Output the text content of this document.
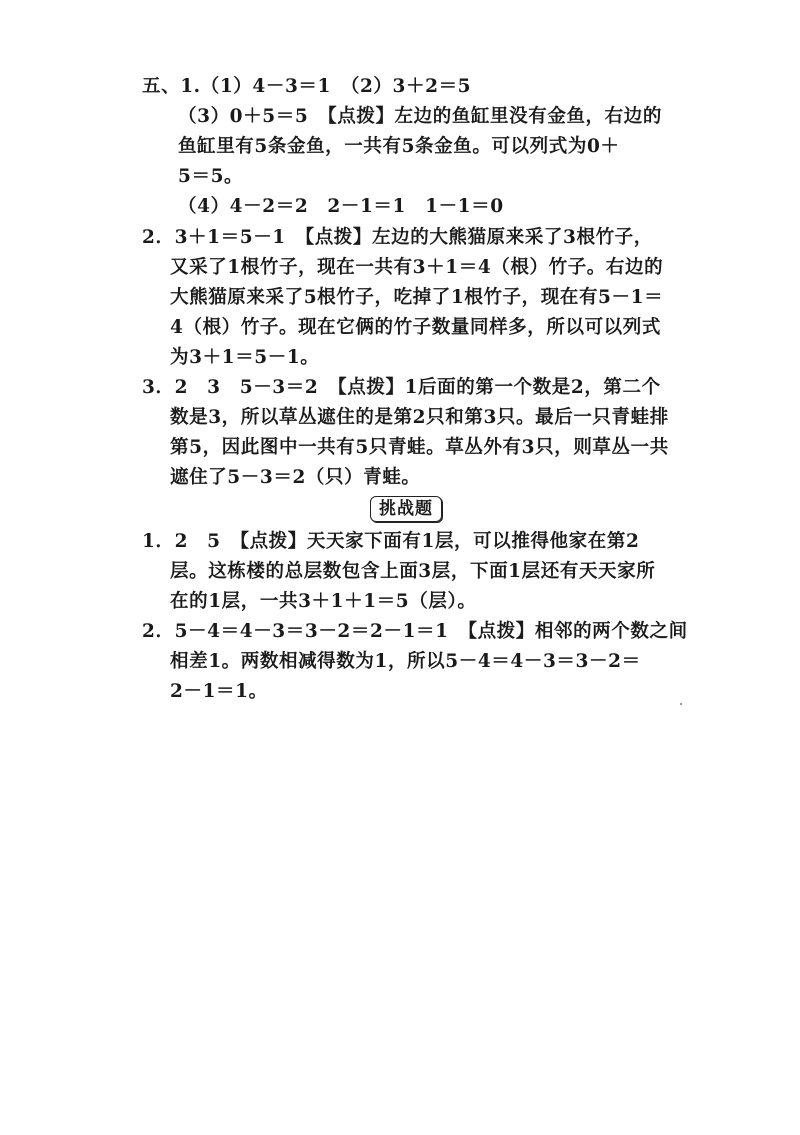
五、1.（1）4－3＝1　（2）3＋2＝5
（3）0＋5＝5　【点拨】左边的鱼缸里没有金鱼，右边的
鱼缸里有5条金鱼，一共有5条金鱼。可以列式为0＋
5＝5。
（4）4－2＝2　2－1＝1　1－1＝0
2．3＋1＝5－1　【点拨】左边的大熊猫原来采了3根竹子，
又采了1根竹子，现在一共有3＋1＝4（根）竹子。右边的
大熊猫原来采了5根竹子，吃掉了1根竹子，现在有5－1＝
4（根）竹子。现在它俩的竹子数量同样多，所以可以列式
为3＋1＝5－1。
3．2　3　5－3＝2　【点拨】1后面的第一个数是2，第二个
数是3，所以草丛遮住的是第2只和第3只。最后一只青蛙排
第5，因此图中一共有5只青蛙。草丛外有3只，则草丛一共
遮住了5－3＝2（只）青蛙。
挑战题
1．2　5　【点拨】天天家下面有1层，可以推得他家在第2
层。这栋楼的总层数包含上面3层，下面1层还有天天家所
在的1层，一共3＋1＋1＝5（层）。
2．5－4＝4－3＝3－2＝2－1＝1　【点拨】相邻的两个数之间
相差1。两数相减得数为1，所以5－4＝4－3＝3－2＝
2－1＝1。
